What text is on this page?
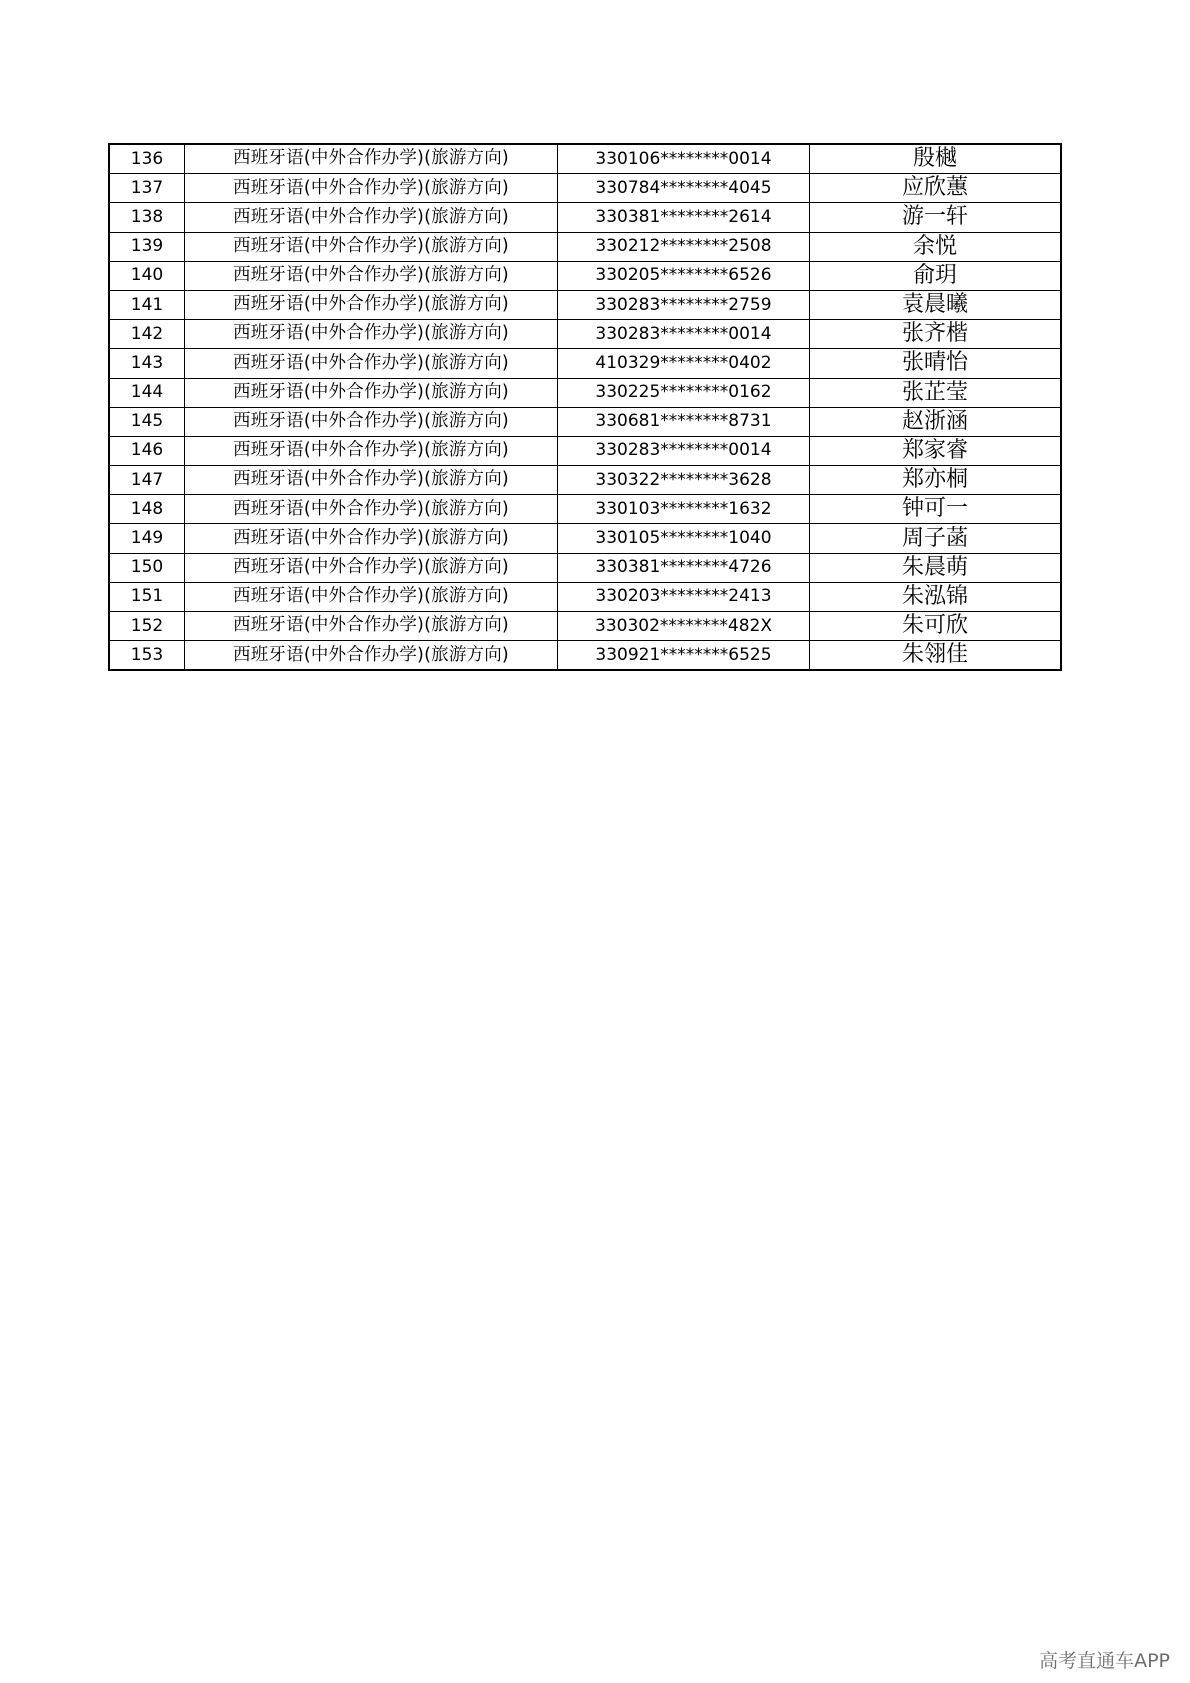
136	西班牙语(中外合作办学)(旅游方向)	330106********0014	殷樾
137	西班牙语(中外合作办学)(旅游方向)	330784********4045	应欣蕙
138	西班牙语(中外合作办学)(旅游方向)	330381********2614	游一轩
139	西班牙语(中外合作办学)(旅游方向)	330212********2508	余悦
140	西班牙语(中外合作办学)(旅游方向)	330205********6526	俞玥
141	西班牙语(中外合作办学)(旅游方向)	330283********2759	袁晨曦
142	西班牙语(中外合作办学)(旅游方向)	330283********0014	张齐楷
143	西班牙语(中外合作办学)(旅游方向)	410329********0402	张晴怡
144	西班牙语(中外合作办学)(旅游方向)	330225********0162	张芷莹
145	西班牙语(中外合作办学)(旅游方向)	330681********8731	赵浙涵
146	西班牙语(中外合作办学)(旅游方向)	330283********0014	郑家睿
147	西班牙语(中外合作办学)(旅游方向)	330322********3628	郑亦桐
148	西班牙语(中外合作办学)(旅游方向)	330103********1632	钟可一
149	西班牙语(中外合作办学)(旅游方向)	330105********1040	周子菡
150	西班牙语(中外合作办学)(旅游方向)	330381********4726	朱晨萌
151	西班牙语(中外合作办学)(旅游方向)	330203********2413	朱泓锦
152	西班牙语(中外合作办学)(旅游方向)	330302********482X	朱可欣
153	西班牙语(中外合作办学)(旅游方向)	330921********6525	朱翎佳
高考直通车APP
